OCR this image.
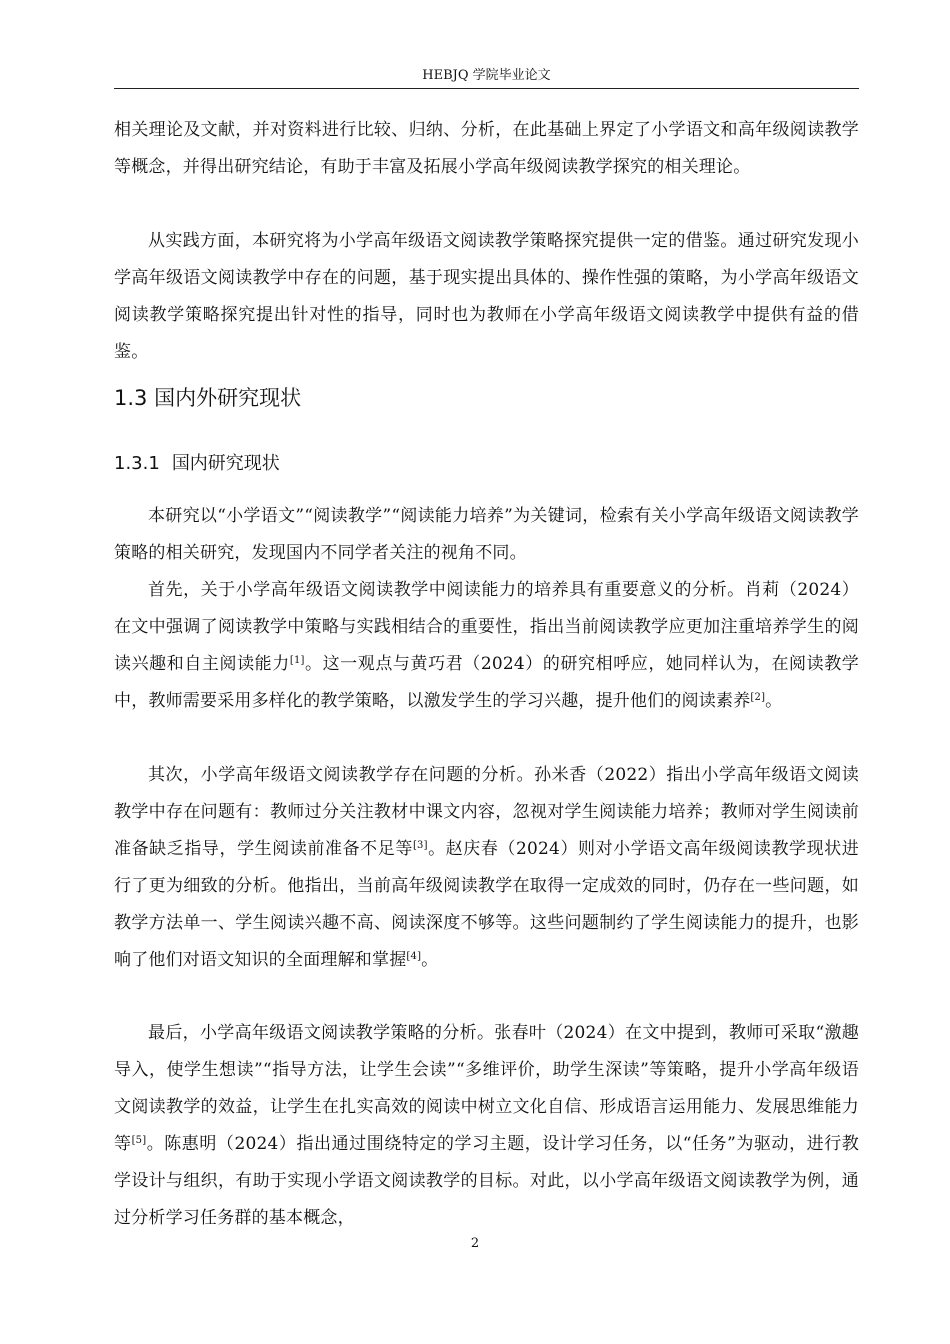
HEBJQ 学院毕业论文

相关理论及文献，并对资料进行比较、归纳、分析，在此基础上界定了小学语文和高年级阅读教学等概念，并得出研究结论，有助于丰富及拓展小学高年级阅读教学探究的相关理论。

从实践方面，本研究将为小学高年级语文阅读教学策略探究提供一定的借鉴。通过研究发现小学高年级语文阅读教学中存在的问题，基于现实提出具体的、操作性强的策略，为小学高年级语文阅读教学策略探究提出针对性的指导，同时也为教师在小学高年级语文阅读教学中提供有益的借鉴。

1.3 国内外研究现状
1.3.1 国内研究现状

本研究以“小学语文”“阅读教学”“阅读能力培养”为关键词，检索有关小学高年级语文阅读教学策略的相关研究，发现国内不同学者关注的视角不同。

首先，关于小学高年级语文阅读教学中阅读能力的培养具有重要意义的分析。肖莉（2024）在文中强调了阅读教学中策略与实践相结合的重要性，指出当前阅读教学应更加注重培养学生的阅读兴趣和自主阅读能力[1]。这一观点与黄巧君（2024）的研究相呼应，她同样认为，在阅读教学中，教师需要采用多样化的教学策略，以激发学生的学习兴趣，提升他们的阅读素养[2]。

其次，小学高年级语文阅读教学存在问题的分析。孙米香（2022）指出小学高年级语文阅读教学中存在问题有：教师过分关注教材中课文内容，忽视对学生阅读能力培养；教师对学生阅读前准备缺乏指导，学生阅读前准备不足等[3]。赵庆春（2024）则对小学语文高年级阅读教学现状进行了更为细致的分析。他指出，当前高年级阅读教学在取得一定成效的同时，仍存在一些问题，如教学方法单一、学生阅读兴趣不高、阅读深度不够等。这些问题制约了学生阅读能力的提升，也影响了他们对语文知识的全面理解和掌握[4]。

最后，小学高年级语文阅读教学策略的分析。张春叶（2024）在文中提到，教师可采取“激趣导入，使学生想读”“指导方法，让学生会读”“多维评价，助学生深读”等策略，提升小学高年级语文阅读教学的效益，让学生在扎实高效的阅读中树立文化自信、形成语言运用能力、发展思维能力等[5]。陈惠明（2024）指出通过围绕特定的学习主题，设计学习任务，以“任务”为驱动，进行教学设计与组织，有助于实现小学语文阅读教学的目标。对此，以小学高年级语文阅读教学为例，通过分析学习任务群的基本概念，

2
